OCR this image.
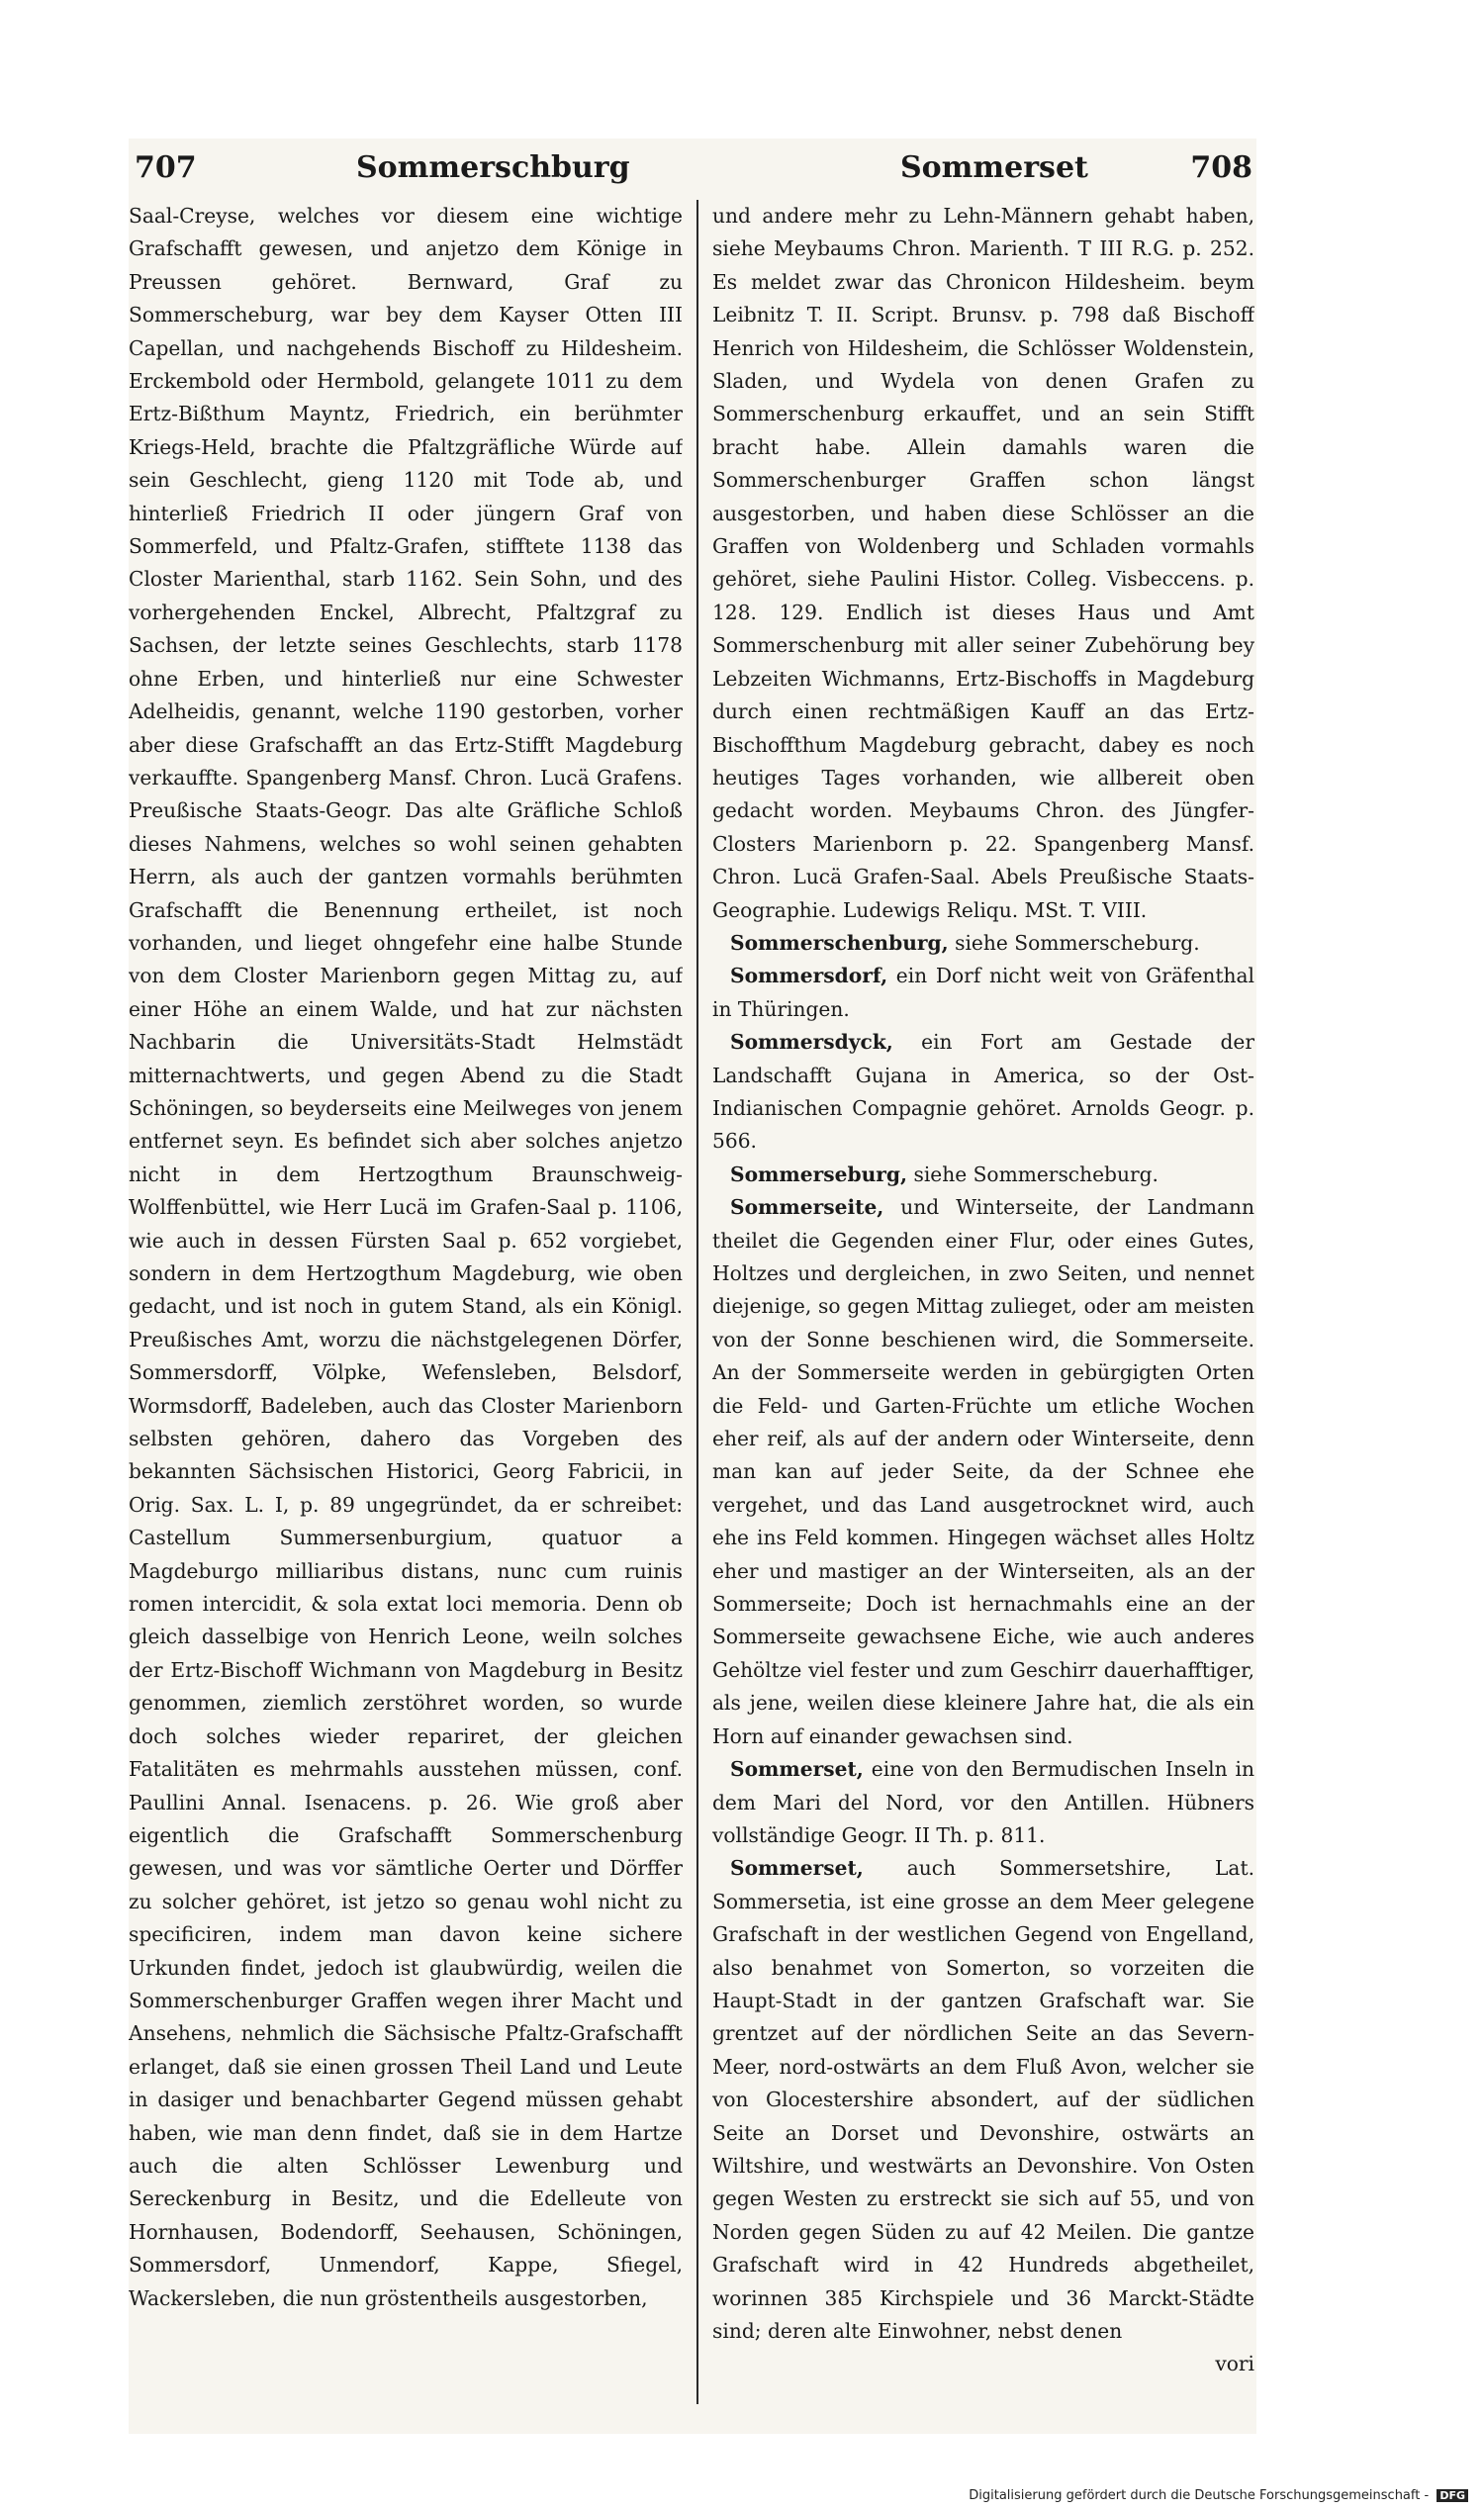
707	Sommerschburg	Sommerset	708

Saal-Creyse, welches vor diesem eine wichtige Grafschafft gewesen, und anjetzo dem Könige in Preussen gehöret. Bernward, Graf zu Sommerscheburg, war bey dem Kayser Otten III Capellan, und nachgehends Bischoff zu Hildesheim. Erckembold oder Hermbold, gelangete 1011 zu dem Ertz-Bißthum Mayntz, Friedrich, ein berühmter Kriegs-Held, brachte die Pfaltzgräfliche Würde auf sein Geschlecht, gieng 1120 mit Tode ab, und hinterließ Friedrich II oder jüngern Graf von Sommerfeld, und Pfaltz-Grafen, stifftete 1138 das Closter Marienthal, starb 1162. Sein Sohn, und des vorhergehenden Enckel, Albrecht, Pfaltzgraf zu Sachsen, der letzte seines Geschlechts, starb 1178 ohne Erben, und hinterließ nur eine Schwester Adelheidis, genannt, welche 1190 gestorben, vorher aber diese Grafschafft an das Ertz-Stifft Magdeburg verkauffte. Spangenberg Mansf. Chron. Lucä Grafens. Preußische Staats-Geogr. Das alte Gräfliche Schloß dieses Nahmens, welches so wohl seinen gehabten Herrn, als auch der gantzen vormahls berühmten Grafschafft die Benennung ertheilet, ist noch vorhanden, und lieget ohngefehr eine halbe Stunde von dem Closter Marienborn gegen Mittag zu, auf einer Höhe an einem Walde, und hat zur nächsten Nachbarin die Universitäts-Stadt Helmstädt mitternachtwerts, und gegen Abend zu die Stadt Schöningen, so beyderseits eine Meilweges von jenem entfernet seyn. Es befindet sich aber solches anjetzo nicht in dem Hertzogthum Braunschweig-Wolffenbüttel, wie Herr Lucä im Grafen-Saal p. 1106, wie auch in dessen Fürsten Saal p. 652 vorgiebet, sondern in dem Hertzogthum Magdeburg, wie oben gedacht, und ist noch in gutem Stand, als ein Königl. Preußisches Amt, worzu die nächstgelegenen Dörfer, Sommersdorff, Völpke, Wefensleben, Belsdorf, Wormsdorff, Badeleben, auch das Closter Marienborn selbsten gehören, dahero das Vorgeben des bekannten Sächsischen Historici, Georg Fabricii, in Orig. Sax. L. I, p. 89 ungegründet, da er schreibet: Castellum Summersenburgium, quatuor a Magdeburgo milliaribus distans, nunc cum ruinis romen intercidit, & sola extat loci memoria. Denn ob gleich dasselbige von Henrich Leone, weiln solches der Ertz-Bischoff Wichmann von Magdeburg in Besitz genommen, ziemlich zerstöhret worden, so wurde doch solches wieder repariret, der gleichen Fatalitäten es mehrmahls ausstehen müssen, conf. Paullini Annal. Isenacens. p. 26. Wie groß aber eigentlich die Grafschafft Sommerschenburg gewesen, und was vor sämtliche Oerter und Dörffer zu solcher gehöret, ist jetzo so genau wohl nicht zu specificiren, indem man davon keine sichere Urkunden findet, jedoch ist glaubwürdig, weilen die Sommerschenburger Graffen wegen ihrer Macht und Ansehens, nehmlich die Sächsische Pfaltz-Grafschafft erlanget, daß sie einen grossen Theil Land und Leute in dasiger und benachbarter Gegend müssen gehabt haben, wie man denn findet, daß sie in dem Hartze auch die alten Schlösser Lewenburg und Sereckenburg in Besitz, und die Edelleute von Hornhausen, Bodendorff, Seehausen, Schöningen, Sommersdorf, Unmendorf, Kappe, Sfiegel, Wackersleben, die nun gröstentheils ausgestorben,

und andere mehr zu Lehn-Männern gehabt haben, siehe Meybaums Chron. Marienth. T III R.G. p. 252. Es meldet zwar das Chronicon Hildesheim. beym Leibnitz T. II. Script. Brunsv. p. 798 daß Bischoff Henrich von Hildesheim, die Schlösser Woldenstein, Sladen, und Wydela von denen Grafen zu Sommerschenburg erkauffet, und an sein Stifft bracht habe. Allein damahls waren die Sommerschenburger Graffen schon längst ausgestorben, und haben diese Schlösser an die Graffen von Woldenberg und Schladen vormahls gehöret, siehe Paulini Histor. Colleg. Visbeccens. p. 128. 129. Endlich ist dieses Haus und Amt Sommerschenburg mit aller seiner Zubehörung bey Lebzeiten Wichmanns, Ertz-Bischoffs in Magdeburg durch einen rechtmäßigen Kauff an das Ertz-Bischoffthum Magdeburg gebracht, dabey es noch heutiges Tages vorhanden, wie allbereit oben gedacht worden. Meybaums Chron. des Jüngfer-Closters Marienborn p. 22. Spangenberg Mansf. Chron. Lucä Grafen-Saal. Abels Preußische Staats-Geographie. Ludewigs Reliqu. MSt. T. VIII.

Sommerschenburg, siehe Sommerscheburg.

Sommersdorf, ein Dorf nicht weit von Gräfenthal in Thüringen.

Sommersdyck, ein Fort am Gestade der Landschafft Gujana in America, so der Ost-Indianischen Compagnie gehöret. Arnolds Geogr. p. 566.

Sommerseburg, siehe Sommerscheburg.

Sommerseite, und Winterseite, der Landmann theilet die Gegenden einer Flur, oder eines Gutes, Holtzes und dergleichen, in zwo Seiten, und nennet diejenige, so gegen Mittag zulieget, oder am meisten von der Sonne beschienen wird, die Sommerseite. An der Sommerseite werden in gebürgigten Orten die Feld- und Garten-Früchte um etliche Wochen eher reif, als auf der andern oder Winterseite, denn man kan auf jeder Seite, da der Schnee ehe vergehet, und das Land ausgetrocknet wird, auch ehe ins Feld kommen. Hingegen wächset alles Holtz eher und mastiger an der Winterseiten, als an der Sommerseite; Doch ist hernachmahls eine an der Sommerseite gewachsene Eiche, wie auch anderes Gehöltze viel fester und zum Geschirr dauerhafftiger, als jene, weilen diese kleinere Jahre hat, die als ein Horn auf einander gewachsen sind.

Sommerset, eine von den Bermudischen Inseln in dem Mari del Nord, vor den Antillen. Hübners vollständige Geogr. II Th. p. 811.

Sommerset, auch Sommersetshire, Lat. Sommersetia, ist eine grosse an dem Meer gelegene Grafschaft in der westlichen Gegend von Engelland, also benahmet von Somerton, so vorzeiten die Haupt-Stadt in der gantzen Grafschaft war. Sie grentzet auf der nördlichen Seite an das Severn-Meer, nord-ostwärts an dem Fluß Avon, welcher sie von Glocestershire absondert, auf der südlichen Seite an Dorset und Devonshire, ostwärts an Wiltshire, und westwärts an Devonshire. Von Osten gegen Westen zu erstreckt sie sich auf 55, und von Norden gegen Süden zu auf 42 Meilen. Die gantze Grafschaft wird in 42 Hundreds abgetheilet, worinnen 385 Kirchspiele und 36 Marckt-Städte sind; deren alte Einwohner, nebst denen

vori

Digitalisierung gefördert durch die Deutsche Forschungsgemeinschaft - DFG
